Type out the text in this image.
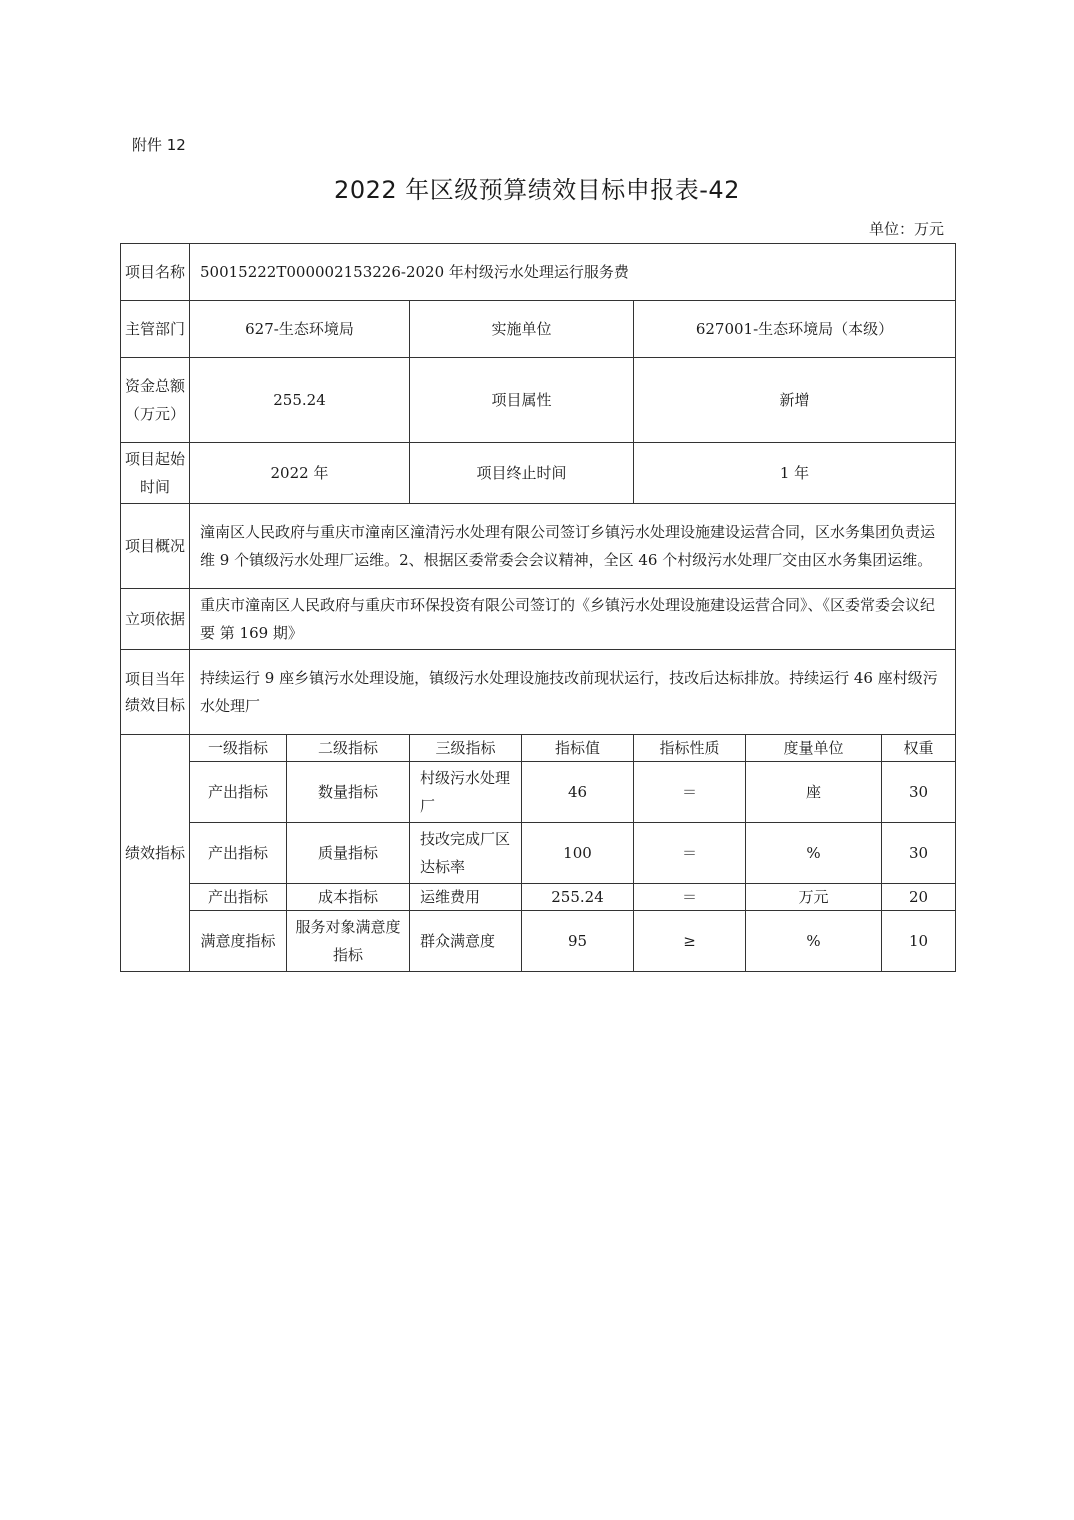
附件 12
2022 年区级预算绩效目标申报表-42
单位：万元
项目名称	50015222T000002153226-2020 年村级污水处理运行服务费						
主管部门	627-生态环境局		实施单位		627001-生态环境局（本级）		
资金总额（万元）	255.24		项目属性		新增		
项目起始时间	2022 年		项目终止时间		1 年		
项目概况	潼南区人民政府与重庆市潼南区潼清污水处理有限公司签订乡镇污水处理设施建设运营合同，区水务集团负责运维 9 个镇级污水处理厂运维。2、根据区委常委会会议精神，全区 46 个村级污水处理厂交由区水务集团运维。						
立项依据	重庆市潼南区人民政府与重庆市环保投资有限公司签订的《乡镇污水处理设施建设运营合同》、《区委常委会议纪要 第 169 期》						
项目当年绩效目标	持续运行 9 座乡镇污水处理设施，镇级污水处理设施技改前现状运行，技改后达标排放。持续运行 46 座村级污水处理厂						
绩效指标	一级指标	二级指标	三级指标	指标值	指标性质	度量单位	权重
	产出指标	数量指标	村级污水处理厂	46	＝	座	30
	产出指标	质量指标	技改完成厂区达标率	100	＝	%	30
	产出指标	成本指标	运维费用	255.24	＝	万元	20
	满意度指标	服务对象满意度指标	群众满意度	95	≥	%	10
